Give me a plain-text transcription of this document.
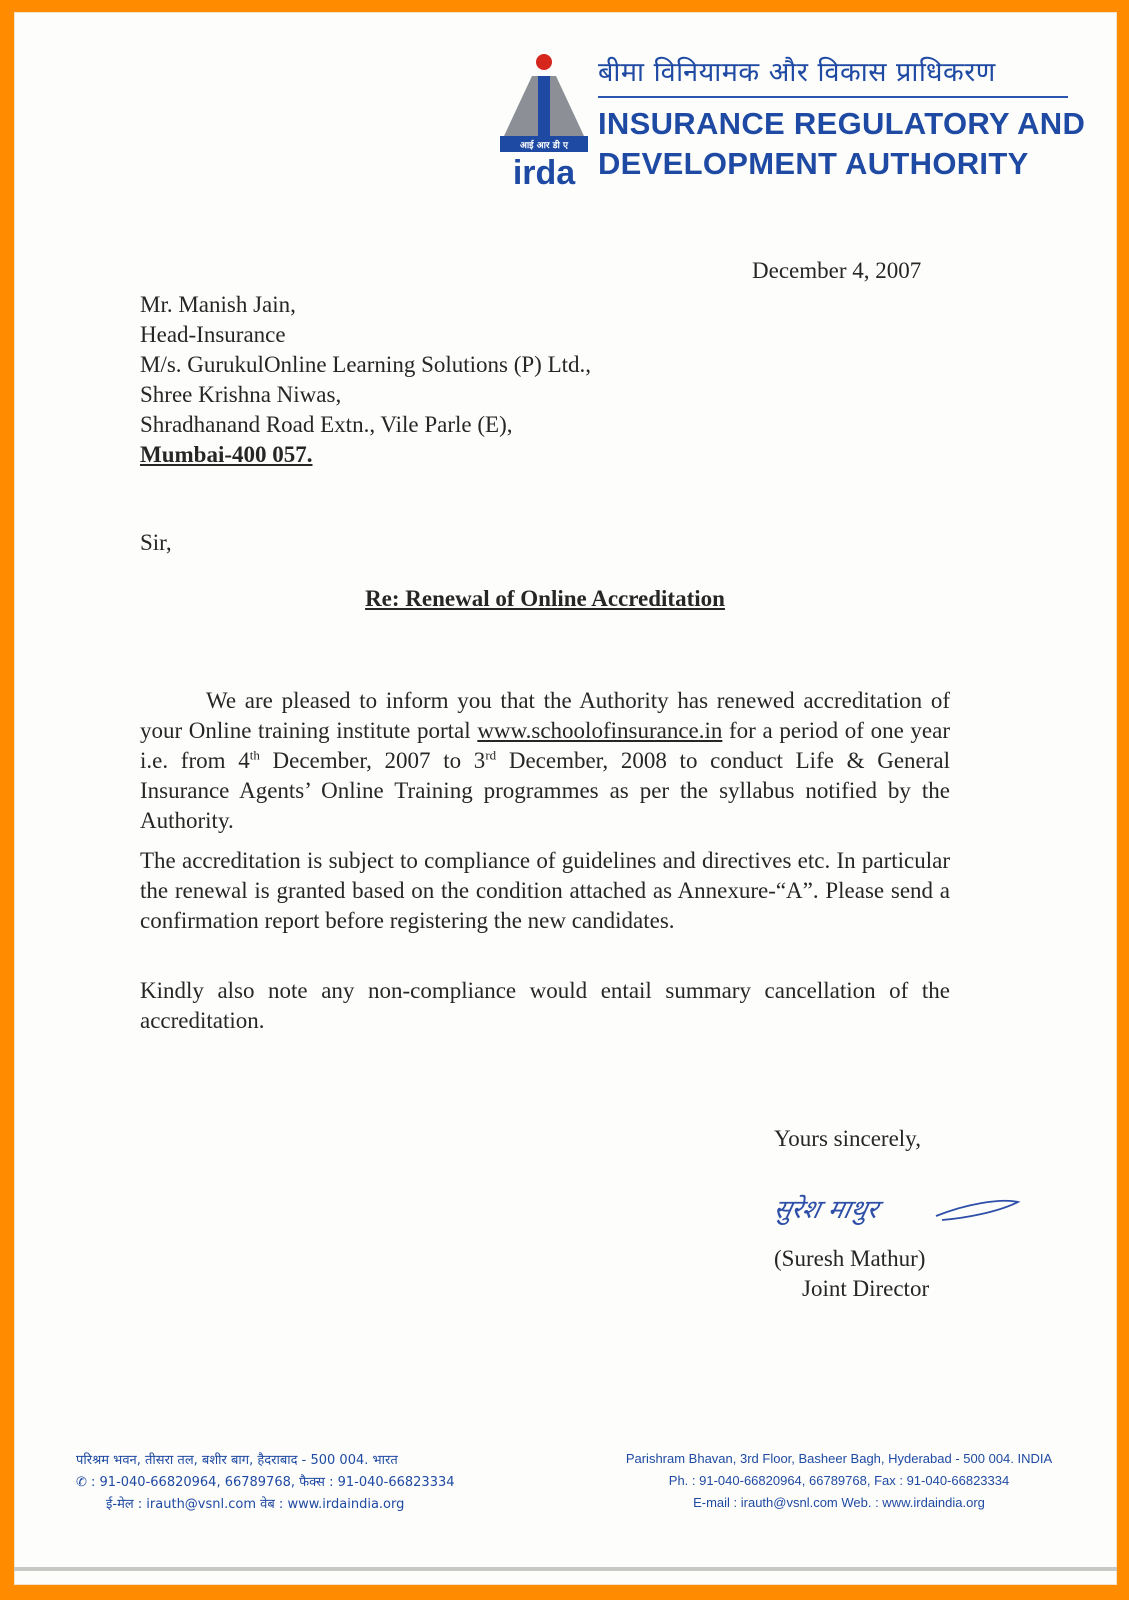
आई आर डी ए
irda
बीमा विनियामक और विकास प्राधिकरण
INSURANCE REGULATORY AND
DEVELOPMENT AUTHORITY
December 4, 2007
Mr. Manish Jain,
Head-Insurance
M/s. GurukulOnline Learning Solutions (P) Ltd.,
Shree Krishna Niwas,
Shradhanand Road Extn., Vile Parle (E),
Mumbai-400 057.
Sir,
Re: Renewal of Online Accreditation
We are pleased to inform you that the Authority has renewed accreditation of your Online training institute portal www.schoolofinsurance.in for a period of one year i.e. from 4th December, 2007 to 3rd December, 2008 to conduct Life & General Insurance Agents’ Online Training programmes as per the syllabus notified by the Authority.
The accreditation is subject to compliance of guidelines and directives etc. In particular the renewal is granted based on the condition attached as Annexure-“A”. Please send a confirmation report before registering the new candidates.
Kindly also note any non-compliance would entail summary cancellation of the accreditation.
Yours sincerely,
सुरेश माथुर
(Suresh Mathur)
Joint Director
परिश्रम भवन, तीसरा तल, बशीर बाग, हैदराबाद - 500 004. भारत
✆ : 91-040-66820964, 66789768, फैक्स : 91-040-66823334
ई-मेल : irauth@vsnl.com वेब : www.irdaindia.org
Parishram Bhavan, 3rd Floor, Basheer Bagh, Hyderabad - 500 004. INDIA
Ph. : 91-040-66820964, 66789768, Fax : 91-040-66823334
E-mail : irauth@vsnl.com Web. : www.irdaindia.org
